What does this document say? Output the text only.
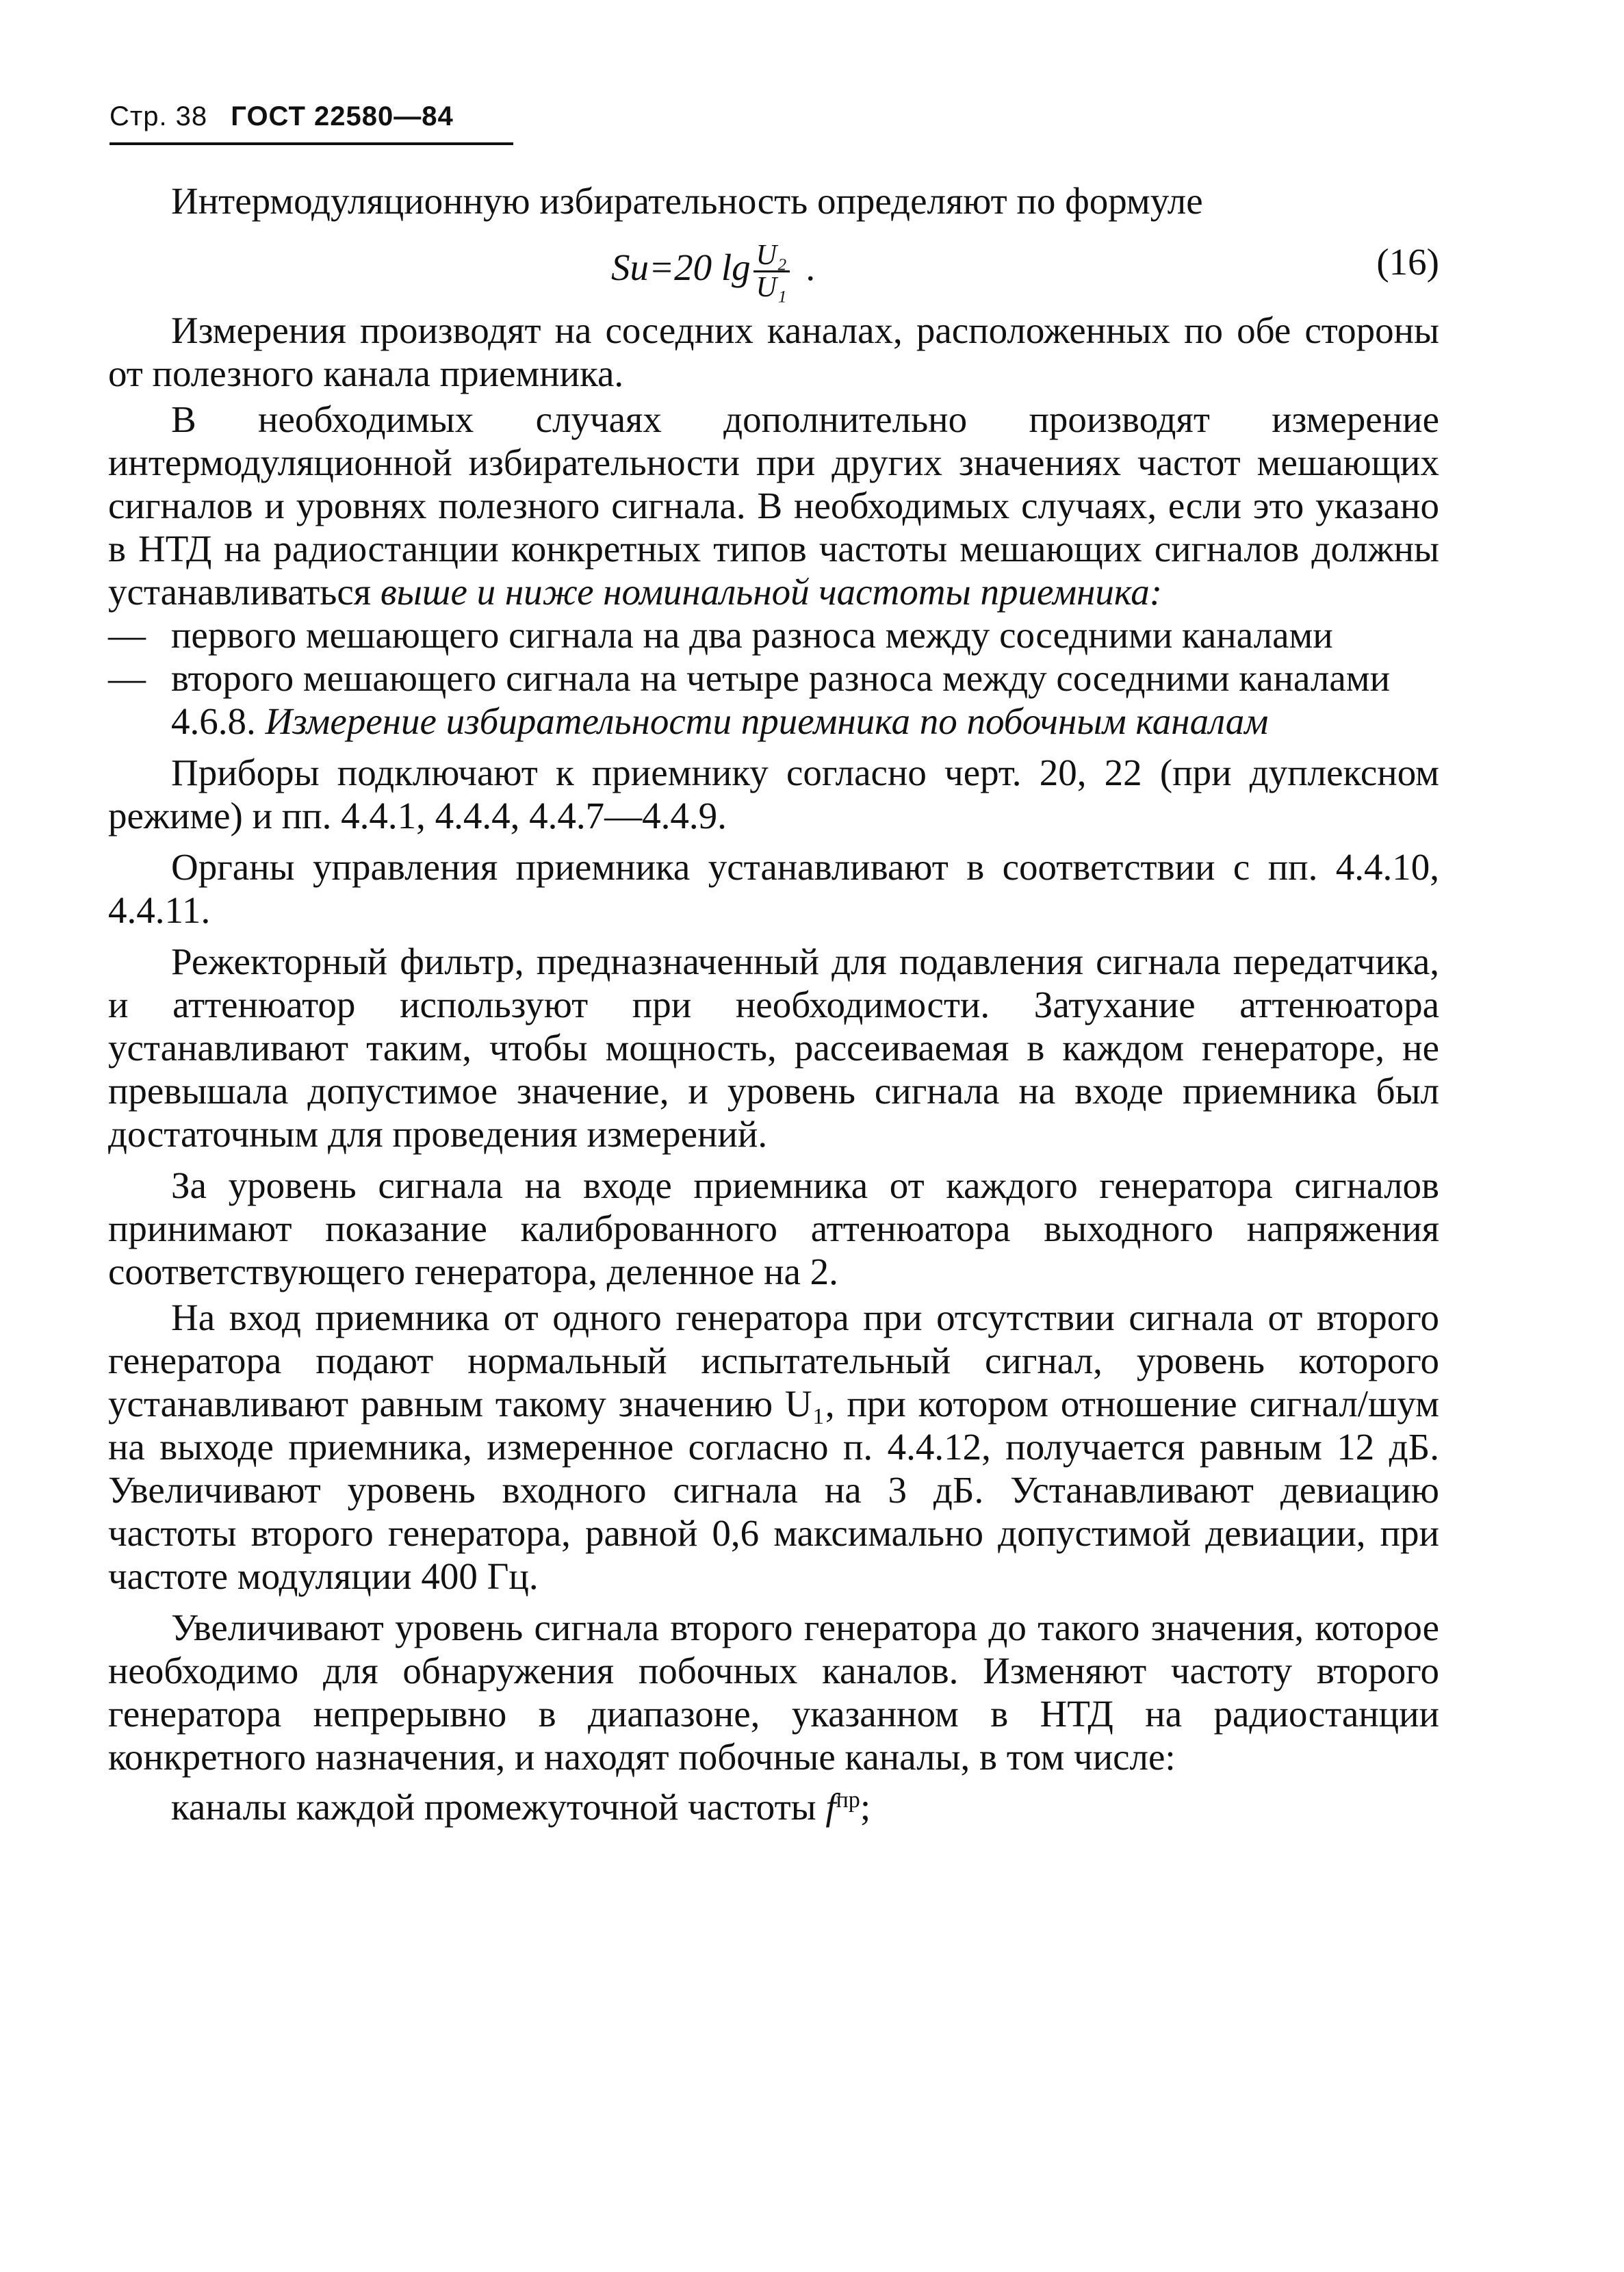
Стр. 38 ГОСТ 22580—84

Интермодуляционную избирательность определяют по формуле

Sи=20 $\lg \frac{\text{U₂}}{\text{U₁}}$ .	(16)

Измерения производят на соседних каналах, расположенных по обе стороны от полезного канала приемника.

В необходимых случаях дополнительно производят измерение интермодуляционной избирательности при других значениях частот мешающих сигналов и уровнях полезного сигнала. В необходимых случаях, если это указано в НТД на радиостанции конкретных типов частоты мешающих сигналов должны устанавливаться выше и ниже номинальной частоты приемника:

— первого мешающего сигнала на два разноса между соседними каналами

— второго мешающего сигнала на четыре разноса между соседними каналами

4.6.8. Измерение избирательности приемника по побочным каналам

Приборы подключают к приемнику согласно черт. 20, 22 (при дуплексном режиме) и пп. 4.4.1, 4.4.4, 4.4.7—4.4.9.

Органы управления приемника устанавливают в соответствии с пп. 4.4.10, 4.4.11.

Режекторный фильтр, предназначенный для подавления сигнала передатчика, и аттенюатор используют при необходимости. Затухание аттенюатора устанавливают таким, чтобы мощность, рассеиваемая в каждом генераторе, не превышала допустимое значение, и уровень сигнала на входе приемника был достаточным для проведения измерений.

За уровень сигнала на входе приемника от каждого генератора сигналов принимают показание калиброванного аттенюатора выходного напряжения соответствующего генератора, деленное на 2.

На вход приемника от одного генератора при отсутствии сигнала от второго генератора подают нормальный испытательный сигнал, уровень которого устанавливают равным такому значению U₁, при котором отношение сигнал/шум на выходе приемника, измеренное согласно п. 4.4.12, получается равным 12 дБ. Увеличивают уровень входного сигнала на 3 дБ. Устанавливают девиацию частоты второго генератора, равной 0,6 максимально допустимой девиации, при частоте модуляции 400 Гц.

Увеличивают уровень сигнала второго генератора до такого значения, которое необходимо для обнаружения побочных каналов. Изменяют частоту второго генератора непрерывно в диапазоне, указанном в НТД на радиостанции конкретного назначения, и находят побочные каналы, в том числе:

каналы каждой промежуточной частоты $f^{пр}$;
